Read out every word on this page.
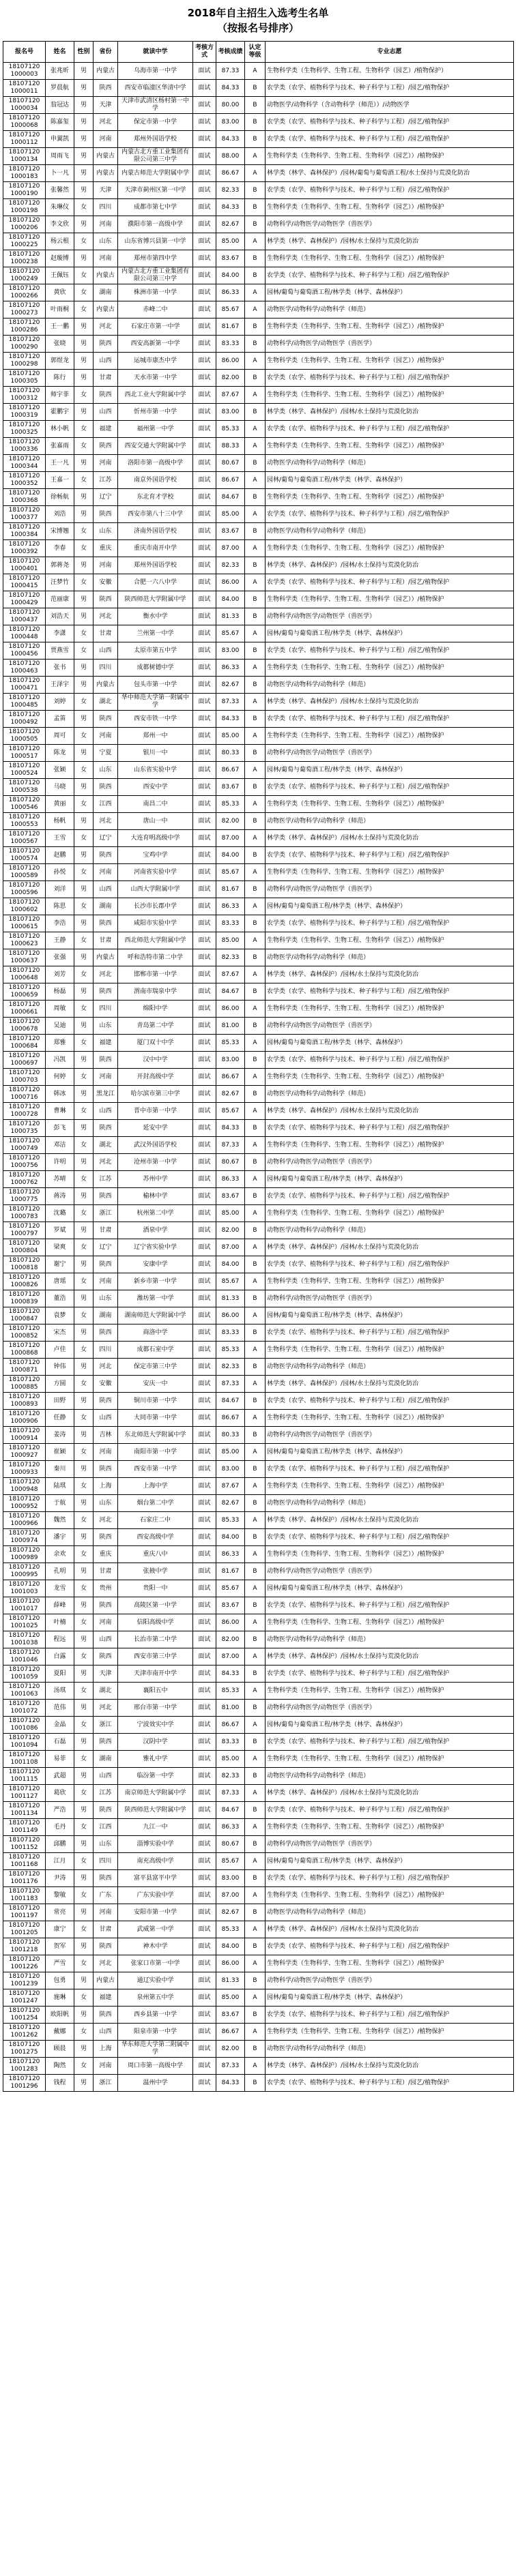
2018年自主招生入选考生名单
（按报名号排序）
报名号	姓名	性别	省份	就读中学	考核方式	考核成绩	认定等级	专业志愿
18107120
1000003	张兆昕	男	内蒙古	乌海市第一中学	面试	87.33	A	生物科学类（生物科学、生物工程、生物科学（园艺）/植物保护）
18107120
1000011	罗晨航	男	陕西	西安市临潼区华清中学	面试	84.33	B	农学类（农学、植物科学与技术、种子科学与工程）/园艺/植物保护
18107120
1000034	翁冠达	男	天津	天津市武清区杨村第一中学	面试	80.00	B	动物医学/动物科学（含动物科学（师范））/动物医学
18107120
1000068	陈嘉玺	男	河北	保定市第一中学	面试	83.00	B	农学类（农学、植物科学与技术、种子科学与工程）/园艺/植物保护
18107120
1000112	申翼凯	男	河南	郑州外国语学校	面试	84.33	B	农学类（农学、植物科学与技术、种子科学与工程）/园艺/植物保护
18107120
1000134	周雨飞	男	内蒙古	内蒙古北方重工业集团有限公司第三中学	面试	88.00	A	生物科学类（生物科学、生物工程、生物科学（园艺））/植物保护
18107120
1000183	卜一凡	男	内蒙古	内蒙古师范大学附属中学	面试	86.67	A	林学类（林学、森林保护）/园林/葡萄与葡萄酒工程/水土保持与荒漠化防治
18107120
1000190	张馨然	男	天津	天津市蓟州区第一中学	面试	82.33	B	农学类（农学、植物科学与技术、种子科学与工程）/园艺/植物保护
18107120
1000198	朱琳仪	女	四川	成都市第七中学	面试	84.33	B	生物科学类（生物科学、生物工程、生物科学（园艺））/植物保护
18107120
1000206	李文欣	男	河南	濮阳市第一高级中学	面试	82.67	B	动物科学/动物医学/动物医学（兽医学）
18107120
1000225	杨云根	女	山东	山东省博兴县第一中学	面试	85.00	A	林学类（林学、森林保护）/园林/水土保持与荒漠化防治
18107120
1000238	赵璇博	男	河南	郑州市第四中学	面试	83.67	B	生物科学类（生物科学、生物工程、生物科学（园艺））/植物保护
18107120
1000249	王佩钰	女	内蒙古	内蒙古北方重工业集团有限公司第三中学	面试	84.00	B	农学类（农学、植物科学与技术、种子科学与工程）/园艺/植物保护
18107120
1000266	黄欣	女	湖南	株洲市第一中学	面试	86.33	A	园林/葡萄与葡萄酒工程/林学类（林学、森林保护）
18107120
1000273	叶雨桐	女	内蒙古	赤峰二中	面试	85.67	A	动物医学/动物科学/动物科学（师范）
18107120
1000286	王一鹏	男	河北	石家庄市第一中学	面试	81.67	B	生物科学类（生物科学、生物工程、生物科学（园艺））/植物保护
18107120
1000290	张晓	男	陕西	西安高新第一中学	面试	83.33	B	动物科学/动物医学/动物医学（兽医学）
18107120
1000298	郭煜龙	男	山西	运城市康杰中学	面试	86.00	A	生物科学类（生物科学、生物工程、生物科学（园艺））/植物保护
18107120
1000305	陈行	男	甘肃	天水市第一中学	面试	82.00	B	农学类（农学、植物科学与技术、种子科学与工程）/园艺/植物保护
18107120
1000312	师宇菲	女	陕西	西北工业大学附属中学	面试	87.67	A	生物科学类（生物科学、生物工程、生物科学（园艺））/植物保护
18107120
1000319	霍鹏宇	男	山西	忻州市第一中学	面试	83.00	B	林学类（林学、森林保护）/园林/水土保持与荒漠化防治
18107120
1000325	林小帆	女	福建	福州第一中学	面试	85.33	A	农学类（农学、植物科学与技术、种子科学与工程）/园艺/植物保护
18107120
1000336	张嘉雨	女	陕西	西安交通大学附属中学	面试	88.33	A	生物科学类（生物科学、生物工程、生物科学（园艺））/植物保护
18107120
1000344	王一凡	男	河南	洛阳市第一高级中学	面试	80.67	B	动物医学/动物科学/动物科学（师范）
18107120
1000352	王嘉一	女	江苏	南京外国语学校	面试	86.67	A	园林/葡萄与葡萄酒工程/林学类（林学、森林保护）
18107120
1000368	徐畅航	男	辽宁	东北育才学校	面试	84.67	B	生物科学类（生物科学、生物工程、生物科学（园艺））/植物保护
18107120
1000377	刘浩	男	陕西	西安市第八十三中学	面试	85.00	A	农学类（农学、植物科学与技术、种子科学与工程）/园艺/植物保护
18107120
1000384	宋博翘	女	山东	济南外国语学校	面试	83.67	B	动物医学/动物科学/动物科学（师范）
18107120
1000392	李春	女	重庆	重庆市南开中学	面试	87.00	A	生物科学类（生物科学、生物工程、生物科学（园艺））/植物保护
18107120
1000401	郭蒋尧	男	河南	郑州外国语学校	面试	82.33	B	林学类（林学、森林保护）/园林/水土保持与荒漠化防治
18107120
1000415	汪梦竹	女	安徽	合肥一六八中学	面试	86.00	A	农学类（农学、植物科学与技术、种子科学与工程）/园艺/植物保护
18107120
1000429	范丽康	男	陕西	陕西师范大学附属中学	面试	84.00	B	生物科学类（生物科学、生物工程、生物科学（园艺））/植物保护
18107120
1000437	刘浩天	男	河北	衡水中学	面试	81.33	B	动物科学/动物医学/动物医学（兽医学）
18107120
1000448	李潇	女	甘肃	兰州第一中学	面试	85.67	A	园林/葡萄与葡萄酒工程/林学类（林学、森林保护）
18107120
1000456	贾燕雪	女	山西	太原市第五中学	面试	83.00	B	农学类（农学、植物科学与技术、种子科学与工程）/园艺/植物保护
18107120
1000463	张书	男	四川	成都树德中学	面试	86.33	A	生物科学类（生物科学、生物工程、生物科学（园艺））/植物保护
18107120
1000471	王泽宇	男	内蒙古	包头市第一中学	面试	82.67	B	动物医学/动物科学/动物科学（师范）
18107120
1000485	刘婷	女	湖北	华中师范大学第一附属中学	面试	87.33	A	林学类（林学、森林保护）/园林/水土保持与荒漠化防治
18107120
1000492	孟笛	男	陕西	西安市铁一中学	面试	84.33	B	农学类（农学、植物科学与技术、种子科学与工程）/园艺/植物保护
18107120
1000505	周可	女	河南	郑州一中	面试	85.00	A	生物科学类（生物科学、生物工程、生物科学（园艺））/植物保护
18107120
1000517	陈龙	男	宁夏	银川一中	面试	80.33	B	动物科学/动物医学/动物医学（兽医学）
18107120
1000524	张颖	女	山东	山东省实验中学	面试	86.67	A	园林/葡萄与葡萄酒工程/林学类（林学、森林保护）
18107120
1000538	马晓	男	陕西	西安中学	面试	83.67	B	农学类（农学、植物科学与技术、种子科学与工程）/园艺/植物保护
18107120
1000546	黄丽	女	江西	南昌二中	面试	85.33	A	生物科学类（生物科学、生物工程、生物科学（园艺））/植物保护
18107120
1000553	杨帆	男	河北	唐山一中	面试	82.00	B	动物医学/动物科学/动物科学（师范）
18107120
1000567	王雪	女	辽宁	大连育明高级中学	面试	87.00	A	林学类（林学、森林保护）/园林/水土保持与荒漠化防治
18107120
1000574	赵鹏	男	陕西	宝鸡中学	面试	84.00	B	农学类（农学、植物科学与技术、种子科学与工程）/园艺/植物保护
18107120
1000589	孙悦	女	河南	河南省实验中学	面试	85.67	A	生物科学类（生物科学、生物工程、生物科学（园艺））/植物保护
18107120
1000596	刘洋	男	山西	山西大学附属中学	面试	81.67	B	动物科学/动物医学/动物医学（兽医学）
18107120
1000602	陈思	女	湖南	长沙市长郡中学	面试	86.33	A	园林/葡萄与葡萄酒工程/林学类（林学、森林保护）
18107120
1000615	李浩	男	陕西	咸阳市实验中学	面试	83.33	B	农学类（农学、植物科学与技术、种子科学与工程）/园艺/植物保护
18107120
1000623	王静	女	甘肃	西北师范大学附属中学	面试	85.00	A	生物科学类（生物科学、生物工程、生物科学（园艺））/植物保护
18107120
1000637	张强	男	内蒙古	呼和浩特市第二中学	面试	82.33	B	动物医学/动物科学/动物科学（师范）
18107120
1000648	刘芳	女	河北	邯郸市第一中学	面试	87.67	A	林学类（林学、森林保护）/园林/水土保持与荒漠化防治
18107120
1000659	杨磊	男	陕西	渭南市瑞泉中学	面试	84.67	B	农学类（农学、植物科学与技术、种子科学与工程）/园艺/植物保护
18107120
1000661	周敏	女	四川	绵阳中学	面试	86.00	A	生物科学类（生物科学、生物工程、生物科学（园艺））/植物保护
18107120
1000678	吴迪	男	山东	青岛第二中学	面试	81.00	B	动物科学/动物医学/动物医学（兽医学）
18107120
1000684	郑雅	女	福建	厦门双十中学	面试	85.33	A	园林/葡萄与葡萄酒工程/林学类（林学、森林保护）
18107120
1000697	冯凯	男	陕西	汉中中学	面试	83.00	B	农学类（农学、植物科学与技术、种子科学与工程）/园艺/植物保护
18107120
1000703	何婷	女	河南	开封高级中学	面试	86.67	A	生物科学类（生物科学、生物工程、生物科学（园艺））/植物保护
18107120
1000716	韩冰	男	黑龙江	哈尔滨市第三中学	面试	82.67	B	动物医学/动物科学/动物科学（师范）
18107120
1000728	曹琳	女	山西	晋中市第一中学	面试	85.67	A	林学类（林学、森林保护）/园林/水土保持与荒漠化防治
18107120
1000735	彭飞	男	陕西	延安中学	面试	84.33	B	农学类（农学、植物科学与技术、种子科学与工程）/园艺/植物保护
18107120
1000749	邓洁	女	湖北	武汉外国语学校	面试	87.33	A	生物科学类（生物科学、生物工程、生物科学（园艺））/植物保护
18107120
1000756	许明	男	河北	沧州市第一中学	面试	80.67	B	动物科学/动物医学/动物医学（兽医学）
18107120
1000762	苏晴	女	江苏	苏州中学	面试	86.33	A	园林/葡萄与葡萄酒工程/林学类（林学、森林保护）
18107120
1000775	蒋涛	男	陕西	榆林中学	面试	83.67	B	农学类（农学、植物科学与技术、种子科学与工程）/园艺/植物保护
18107120
1000783	沈璐	女	浙江	杭州第二中学	面试	85.00	A	生物科学类（生物科学、生物工程、生物科学（园艺））/植物保护
18107120
1000797	罗斌	男	甘肃	酒泉中学	面试	82.00	B	动物医学/动物科学/动物科学（师范）
18107120
1000804	梁爽	女	辽宁	辽宁省实验中学	面试	87.00	A	林学类（林学、森林保护）/园林/水土保持与荒漠化防治
18107120
1000818	谢宁	男	陕西	安康中学	面试	84.00	B	农学类（农学、植物科学与技术、种子科学与工程）/园艺/植物保护
18107120
1000826	唐瑶	女	河南	新乡市第一中学	面试	85.67	A	生物科学类（生物科学、生物工程、生物科学（园艺））/植物保护
18107120
1000839	董浩	男	山东	潍坊第一中学	面试	81.33	B	动物科学/动物医学/动物医学（兽医学）
18107120
1000847	袁梦	女	湖南	湖南师范大学附属中学	面试	86.00	A	园林/葡萄与葡萄酒工程/林学类（林学、森林保护）
18107120
1000852	宋杰	男	陕西	商洛中学	面试	83.33	B	农学类（农学、植物科学与技术、种子科学与工程）/园艺/植物保护
18107120
1000868	卢佳	女	四川	成都石室中学	面试	85.33	A	生物科学类（生物科学、生物工程、生物科学（园艺））/植物保护
18107120
1000871	钟伟	男	河北	保定市第三中学	面试	82.33	B	动物医学/动物科学/动物科学（师范）
18107120
1000885	方圆	女	安徽	安庆一中	面试	87.33	A	林学类（林学、森林保护）/园林/水土保持与荒漠化防治
18107120
1000893	田野	男	陕西	铜川市第一中学	面试	84.67	B	农学类（农学、植物科学与技术、种子科学与工程）/园艺/植物保护
18107120
1000906	任静	女	山西	大同市第一中学	面试	86.67	A	生物科学类（生物科学、生物工程、生物科学（园艺））/植物保护
18107120
1000914	姜涛	男	吉林	东北师范大学附属中学	面试	80.33	B	动物科学/动物医学/动物医学（兽医学）
18107120
1000927	崔颖	女	河南	南阳市第一中学	面试	85.00	A	园林/葡萄与葡萄酒工程/林学类（林学、森林保护）
18107120
1000933	秦川	男	陕西	西安市第一中学	面试	83.00	B	农学类（农学、植物科学与技术、种子科学与工程）/园艺/植物保护
18107120
1000948	陆琪	女	上海	上海中学	面试	87.67	A	生物科学类（生物科学、生物工程、生物科学（园艺））/植物保护
18107120
1000952	于航	男	山东	烟台第二中学	面试	82.67	B	动物医学/动物科学/动物科学（师范）
18107120
1000966	魏然	女	河北	石家庄二中	面试	85.33	A	林学类（林学、森林保护）/园林/水土保持与荒漠化防治
18107120
1000974	潘宇	男	陕西	西安高级中学	面试	84.00	B	农学类（农学、植物科学与技术、种子科学与工程）/园艺/植物保护
18107120
1000989	余欢	女	重庆	重庆八中	面试	86.33	A	生物科学类（生物科学、生物工程、生物科学（园艺））/植物保护
18107120
1000995	孔明	男	甘肃	张掖中学	面试	81.67	B	动物科学/动物医学/动物医学（兽医学）
18107120
1001003	龙雪	女	贵州	贵阳一中	面试	85.67	A	园林/葡萄与葡萄酒工程/林学类（林学、森林保护）
18107120
1001017	薛峰	男	陕西	高陵区第一中学	面试	83.67	B	农学类（农学、植物科学与技术、种子科学与工程）/园艺/植物保护
18107120
1001025	叶楠	女	河南	信阳高级中学	面试	86.00	A	生物科学类（生物科学、生物工程、生物科学（园艺））/植物保护
18107120
1001038	程远	男	山西	长治市第二中学	面试	82.00	B	动物医学/动物科学/动物科学（师范）
18107120
1001046	白露	女	陕西	西安市第三中学	面试	87.00	A	林学类（林学、森林保护）/园林/水土保持与荒漠化防治
18107120
1001059	夏阳	男	天津	天津市南开中学	面试	84.33	B	农学类（农学、植物科学与技术、种子科学与工程）/园艺/植物保护
18107120
1001063	汤琪	女	湖北	襄阳五中	面试	85.33	A	生物科学类（生物科学、生物工程、生物科学（园艺））/植物保护
18107120
1001072	范伟	男	河北	邢台市第一中学	面试	81.00	B	动物科学/动物医学/动物医学（兽医学）
18107120
1001086	金晶	女	浙江	宁波效实中学	面试	86.67	A	园林/葡萄与葡萄酒工程/林学类（林学、森林保护）
18107120
1001094	石磊	男	陕西	汉阴中学	面试	83.33	B	农学类（农学、植物科学与技术、种子科学与工程）/园艺/植物保护
18107120
1001108	易菲	女	湖南	雅礼中学	面试	85.00	A	生物科学类（生物科学、生物工程、生物科学（园艺））/植物保护
18107120
1001115	武超	男	山西	临汾第一中学	面试	82.33	B	动物医学/动物科学/动物科学（师范）
18107120
1001127	葛欣	女	江苏	南京师范大学附属中学	面试	87.33	A	林学类（林学、森林保护）/园林/水土保持与荒漠化防治
18107120
1001134	严浩	男	陕西	陕西师范大学附属中学	面试	84.67	B	农学类（农学、植物科学与技术、种子科学与工程）/园艺/植物保护
18107120
1001149	毛丹	女	江西	九江一中	面试	86.33	A	生物科学类（生物科学、生物工程、生物科学（园艺））/植物保护
18107120
1001152	邱鹏	男	山东	淄博实验中学	面试	80.67	B	动物科学/动物医学/动物医学（兽医学）
18107120
1001168	江月	女	四川	南充高级中学	面试	85.67	A	园林/葡萄与葡萄酒工程/林学类（林学、森林保护）
18107120
1001176	尹涛	男	陕西	富平县富平中学	面试	83.00	B	农学类（农学、植物科学与技术、种子科学与工程）/园艺/植物保护
18107120
1001183	黎敏	女	广东	广东实验中学	面试	87.00	A	生物科学类（生物科学、生物工程、生物科学（园艺））/植物保护
18107120
1001197	常亮	男	河南	安阳市第一中学	面试	82.67	B	动物医学/动物科学/动物科学（师范）
18107120
1001205	康宁	女	甘肃	武威第一中学	面试	85.33	A	林学类（林学、森林保护）/园林/水土保持与荒漠化防治
18107120
1001218	贺军	男	陕西	神木中学	面试	84.00	B	农学类（农学、植物科学与技术、种子科学与工程）/园艺/植物保护
18107120
1001226	严雪	女	河北	张家口市第一中学	面试	86.00	A	生物科学类（生物科学、生物工程、生物科学（园艺））/植物保护
18107120
1001239	包勇	男	内蒙古	通辽实验中学	面试	81.33	B	动物科学/动物医学/动物医学（兽医学）
18107120
1001247	施琳	女	福建	泉州第五中学	面试	85.00	A	园林/葡萄与葡萄酒工程/林学类（林学、森林保护）
18107120
1001254	欧阳帆	男	陕西	西乡县第一中学	面试	83.67	B	农学类（农学、植物科学与技术、种子科学与工程）/园艺/植物保护
18107120
1001262	戴娜	女	山西	阳泉市第一中学	面试	86.67	A	生物科学类（生物科学、生物工程、生物科学（园艺））/植物保护
18107120
1001275	顾晨	男	上海	华东师范大学第二附属中学	面试	82.00	B	动物医学/动物科学/动物科学（师范）
18107120
1001283	陶然	女	河南	周口市第一高级中学	面试	87.33	A	林学类（林学、森林保护）/园林/水土保持与荒漠化防治
18107120
1001296	钱程	男	浙江	温州中学	面试	84.33	B	农学类（农学、植物科学与技术、种子科学与工程）/园艺/植物保护
